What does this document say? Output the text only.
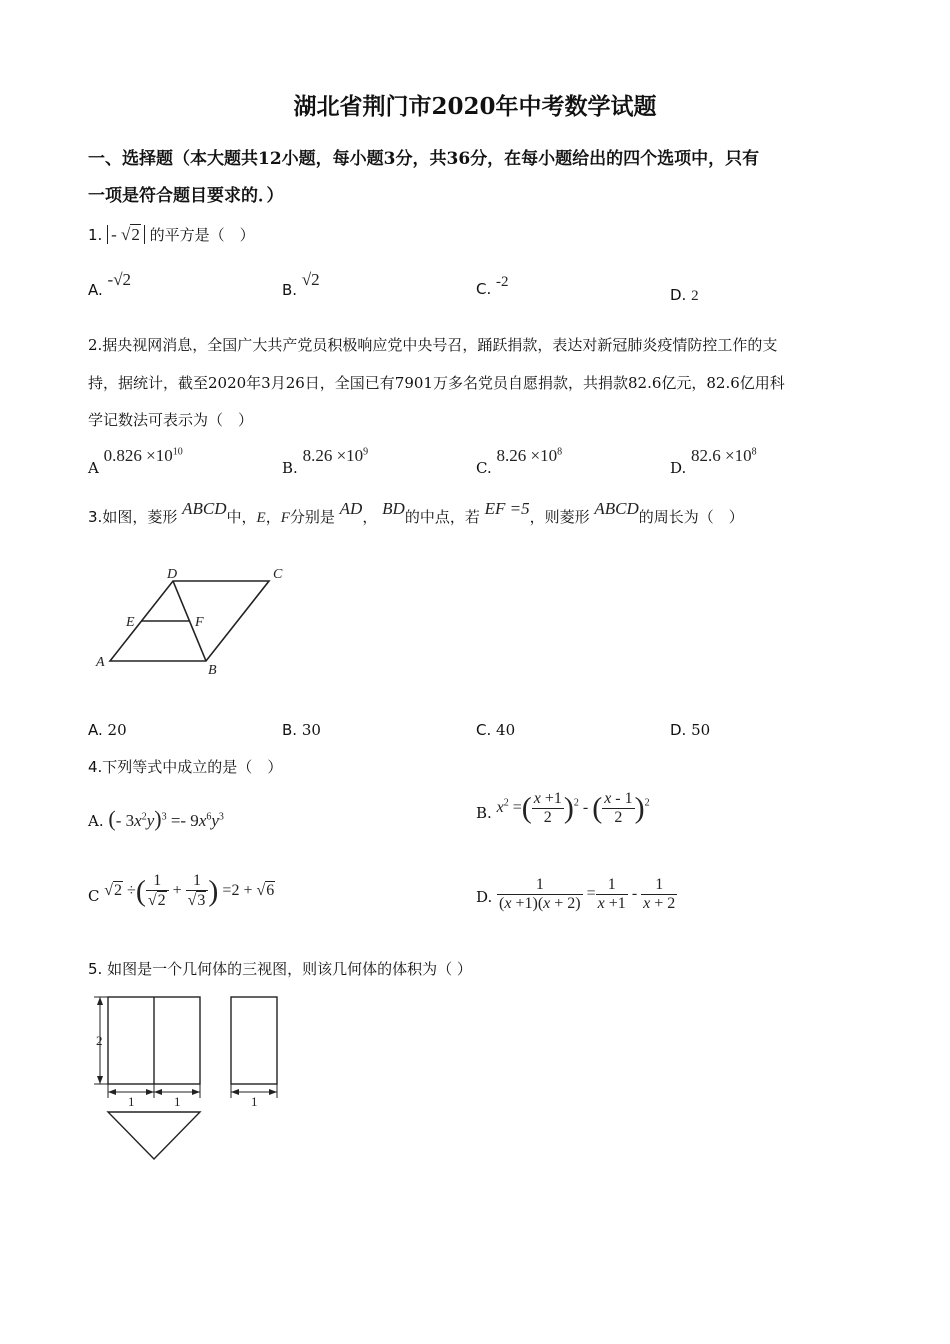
湖北省荆门市2020年中考数学试题
一、选择题（本大题共12小题，每小题3分，共36分，在每小题给出的四个选项中，只有
一项是符合题目要求的．）
1. - √2 的平方是（　）
A. -√2
B. √2	C. -2
D. 2
2.据央视网消息，全国广大共产党员积极响应党中央号召，踊跃捐款，表达对新冠肺炎疫情防控工作的支
持，据统计，截至2020年3月26日，全国已有7901万多名党员自愿捐款，共捐款82.6亿元，82.6亿用科
学记数法可表示为（　）
A $0.826 \times 10^{10}$
B. $8.26 \times 10^9$
C. $8.26 \times 10^8$
D. $82.6 \times 10^8$
3.如图，菱形 ABCD中，E，F分别是 AD， BD的中点，若 EF =5，则菱形 ABCD的周长为（　）
A
B
C
D
E	F
A. 20	B. 30	C. 40	D. 50
4.下列等式中成立的是（　）
A. (- $3x^2y)^3 =- 9x^6y^3$	B. $x^2$ =( $\frac{x +1}{2} )^2$ - ( $\frac{x - 1}{2} )^2$
C √2 ÷( $\frac{1}{√2} + \frac{1}{√3}$ ) =2 + √6	D. $\frac{1}{(x +1)(x + 2)} = \frac{1}{x +1} - \frac{1}{x + 2}$
5. 如图是一个几何体的三视图，则该几何体的体积为（ ）
2
1	1	1
